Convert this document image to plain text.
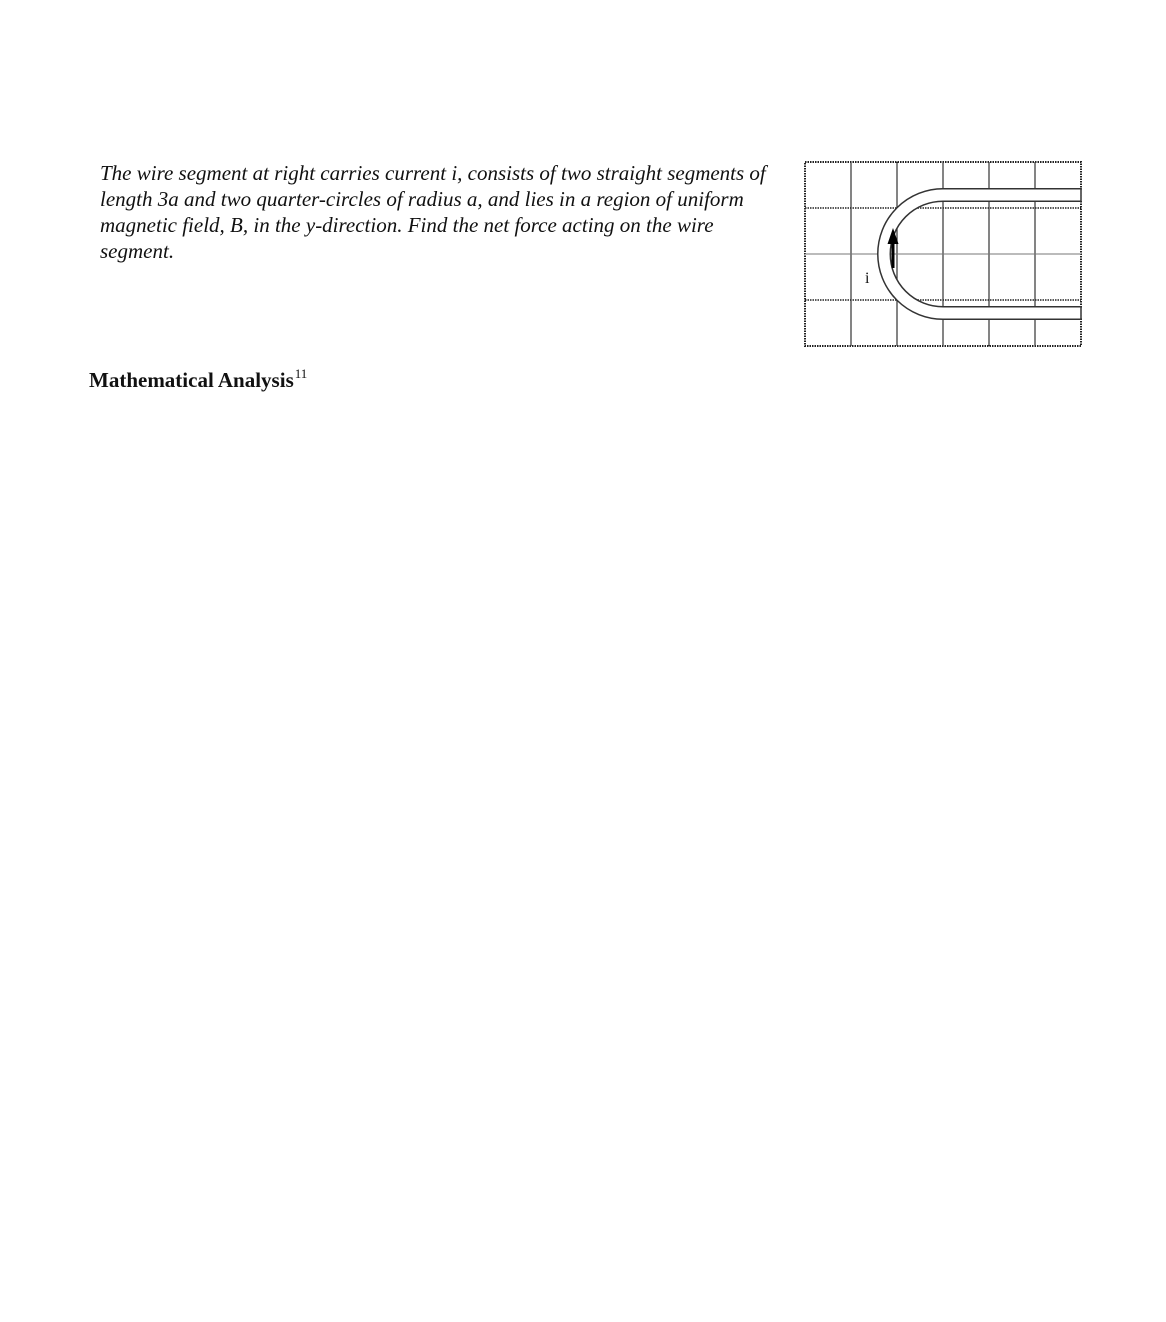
The wire segment at right carries current i, consists of two straight segments of length 3a and two quarter-circles of radius a, and lies in a region of uniform magnetic field, B, in the y-direction. Find the net force acting on the wire segment.

i
Mathematical Analysis$^{11}$
